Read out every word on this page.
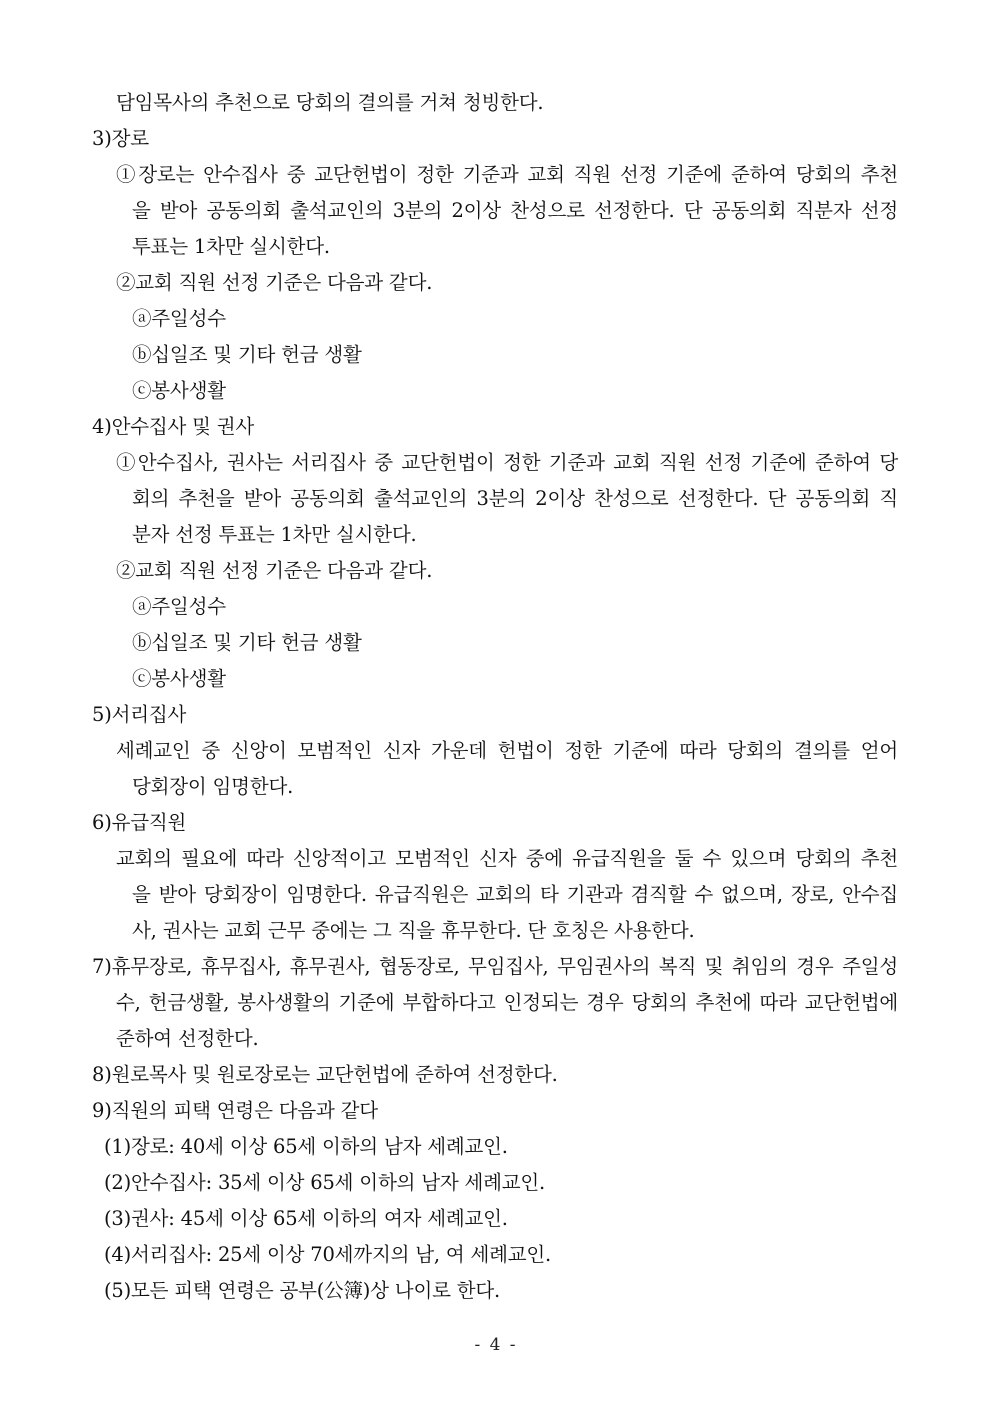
담임목사의 추천으로 당회의 결의를 거쳐 청빙한다.
3)장로
①장로는 안수집사 중 교단헌법이 정한 기준과 교회 직원 선정 기준에 준하여 당회의 추천
을 받아 공동의회 출석교인의 3분의 2이상 찬성으로 선정한다. 단 공동의회 직분자 선정
투표는 1차만 실시한다.
②교회 직원 선정 기준은 다음과 같다.
ⓐ주일성수
ⓑ십일조 및 기타 헌금 생활
ⓒ봉사생활
4)안수집사 및 권사
①안수집사, 권사는 서리집사 중 교단헌법이 정한 기준과 교회 직원 선정 기준에 준하여 당
회의 추천을 받아 공동의회 출석교인의 3분의 2이상 찬성으로 선정한다. 단 공동의회 직
분자 선정 투표는 1차만 실시한다.
②교회 직원 선정 기준은 다음과 같다.
ⓐ주일성수
ⓑ십일조 및 기타 헌금 생활
ⓒ봉사생활
5)서리집사
세례교인 중 신앙이 모범적인 신자 가운데 헌법이 정한 기준에 따라 당회의 결의를 얻어
당회장이 임명한다.
6)유급직원
교회의 필요에 따라 신앙적이고 모범적인 신자 중에 유급직원을 둘 수 있으며 당회의 추천
을 받아 당회장이 임명한다. 유급직원은 교회의 타 기관과 겸직할 수 없으며, 장로, 안수집
사, 권사는 교회 근무 중에는 그 직을 휴무한다. 단 호칭은 사용한다.
7)휴무장로, 휴무집사, 휴무권사, 협동장로, 무임집사, 무임권사의 복직 및 취임의 경우 주일성
수, 헌금생활, 봉사생활의 기준에 부합하다고 인정되는 경우 당회의 추천에 따라 교단헌법에
준하여 선정한다.
8)원로목사 및 원로장로는 교단헌법에 준하여 선정한다.
9)직원의 피택 연령은 다음과 같다
(1)장로: 40세 이상 65세 이하의 남자 세례교인.
(2)안수집사: 35세 이상 65세 이하의 남자 세례교인.
(3)권사: 45세 이상 65세 이하의 여자 세례교인.
(4)서리집사: 25세 이상 70세까지의 남, 여 세례교인.
(5)모든 피택 연령은 공부(公簿)상 나이로 한다.
- 4 -
